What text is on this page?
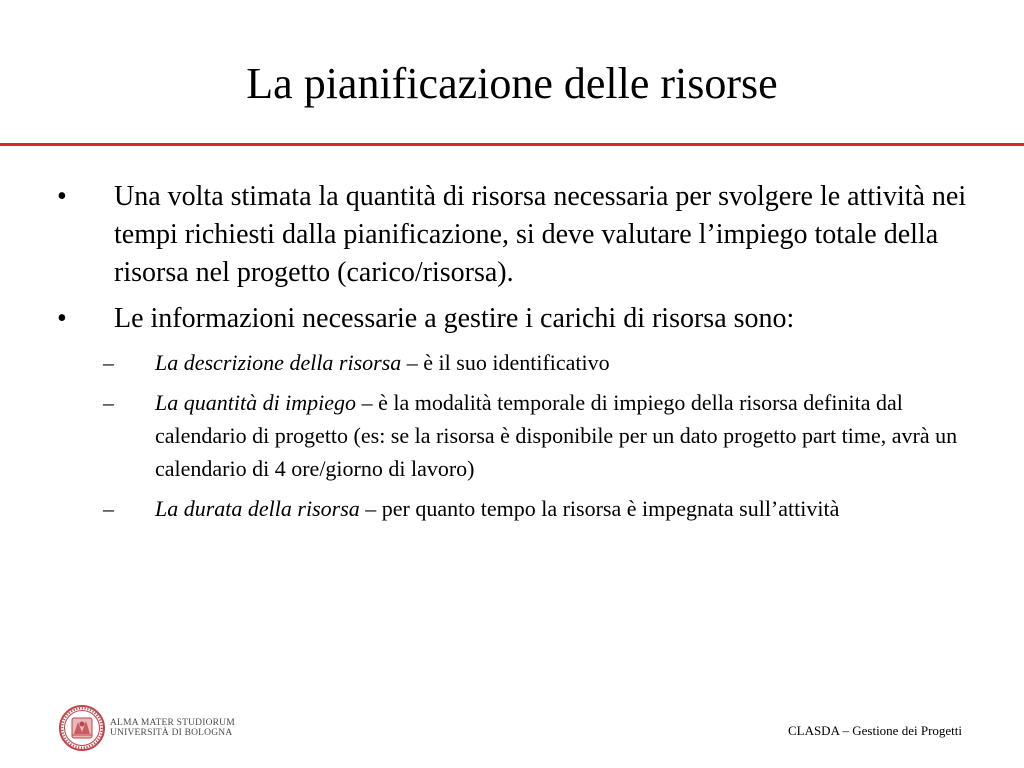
La pianificazione delle risorse
• Una volta stimata la quantità di risorsa necessaria per svolgere le attività nei tempi richiesti dalla pianificazione, si deve valutare l’impiego totale della risorsa nel progetto (carico/risorsa).
• Le informazioni necessarie a gestire i carichi di risorsa sono:
– La descrizione della risorsa – è il suo identificativo
– La quantità di impiego – è la modalità temporale di impiego della risorsa definita dal calendario di progetto (es: se la risorsa è disponibile per un dato progetto part time, avrà un calendario di 4 ore/giorno di lavoro)
– La durata della risorsa – per quanto tempo la risorsa è impegnata sull’attività
ALMA MATER STUDIORUM
UNIVERSITÀ DI BOLOGNA	CLASDA – Gestione dei Progetti
